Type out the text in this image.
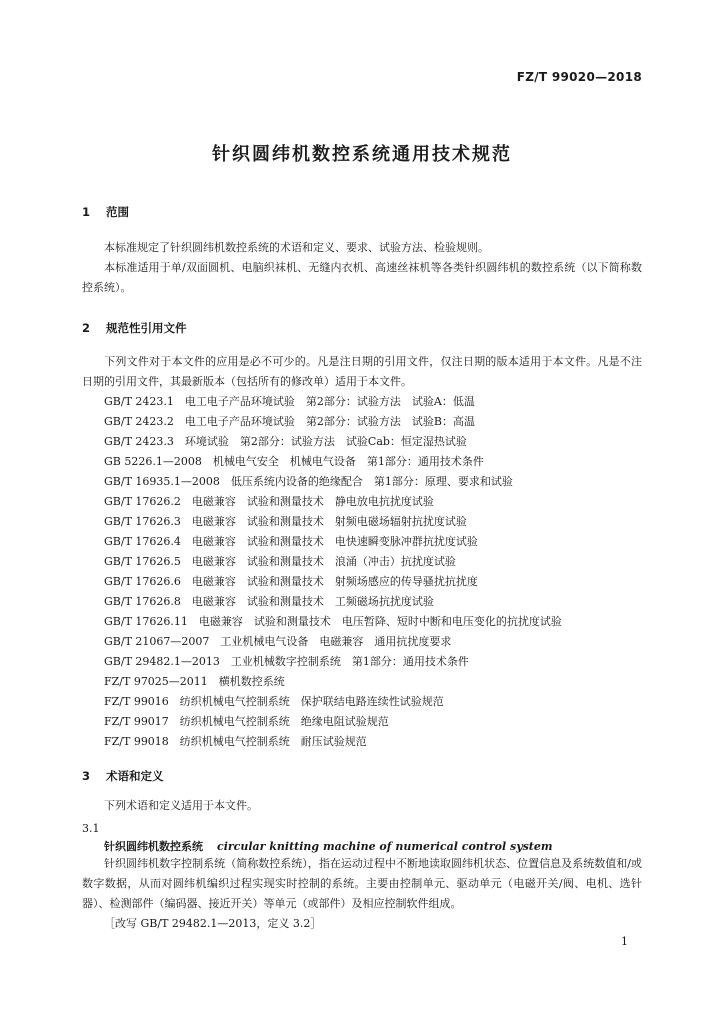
FZ/T 99020—2018
针织圆纬机数控系统通用技术规范
1 范围
本标准规定了针织圆纬机数控系统的术语和定义、要求、试验方法、检验规则。
本标准适用于单/双面圆机、电脑织袜机、无缝内衣机、高速丝袜机等各类针织圆纬机的数控系统（以下简称数控系统）。
2 规范性引用文件
下列文件对于本文件的应用是必不可少的。凡是注日期的引用文件，仅注日期的版本适用于本文件。凡是不注日期的引用文件，其最新版本（包括所有的修改单）适用于本文件。
GB/T 2423.1　电工电子产品环境试验　第2部分：试验方法　试验A：低温
GB/T 2423.2　电工电子产品环境试验　第2部分：试验方法　试验B：高温
GB/T 2423.3　环境试验　第2部分：试验方法　试验Cab：恒定湿热试验
GB 5226.1—2008　机械电气安全　机械电气设备　第1部分：通用技术条件
GB/T 16935.1—2008　低压系统内设备的绝缘配合　第1部分：原理、要求和试验
GB/T 17626.2　电磁兼容　试验和测量技术　静电放电抗扰度试验
GB/T 17626.3　电磁兼容　试验和测量技术　射频电磁场辐射抗扰度试验
GB/T 17626.4　电磁兼容　试验和测量技术　电快速瞬变脉冲群抗扰度试验
GB/T 17626.5　电磁兼容　试验和测量技术　浪涌（冲击）抗扰度试验
GB/T 17626.6　电磁兼容　试验和测量技术　射频场感应的传导骚扰抗扰度
GB/T 17626.8　电磁兼容　试验和测量技术　工频磁场抗扰度试验
GB/T 17626.11　电磁兼容　试验和测量技术　电压暂降、短时中断和电压变化的抗扰度试验
GB/T 21067—2007　工业机械电气设备　电磁兼容　通用抗扰度要求
GB/T 29482.1—2013　工业机械数字控制系统　第1部分：通用技术条件
FZ/T 97025—2011　横机数控系统
FZ/T 99016　纺织机械电气控制系统　保护联结电路连续性试验规范
FZ/T 99017　纺织机械电气控制系统　绝缘电阻试验规范
FZ/T 99018　纺织机械电气控制系统　耐压试验规范
3 术语和定义
下列术语和定义适用于本文件。
3.1
针织圆纬机数控系统 circular knitting machine of numerical control system
针织圆纬机数字控制系统（简称数控系统），指在运动过程中不断地读取圆纬机状态、位置信息及系统数值和/或数字数据，从而对圆纬机编织过程实现实时控制的系统。主要由控制单元、驱动单元（电磁开关/阀、电机、选针器）、检测部件（编码器、接近开关）等单元（或部件）及相应控制软件组成。
［改写 GB/T 29482.1—2013，定义 3.2］
1
